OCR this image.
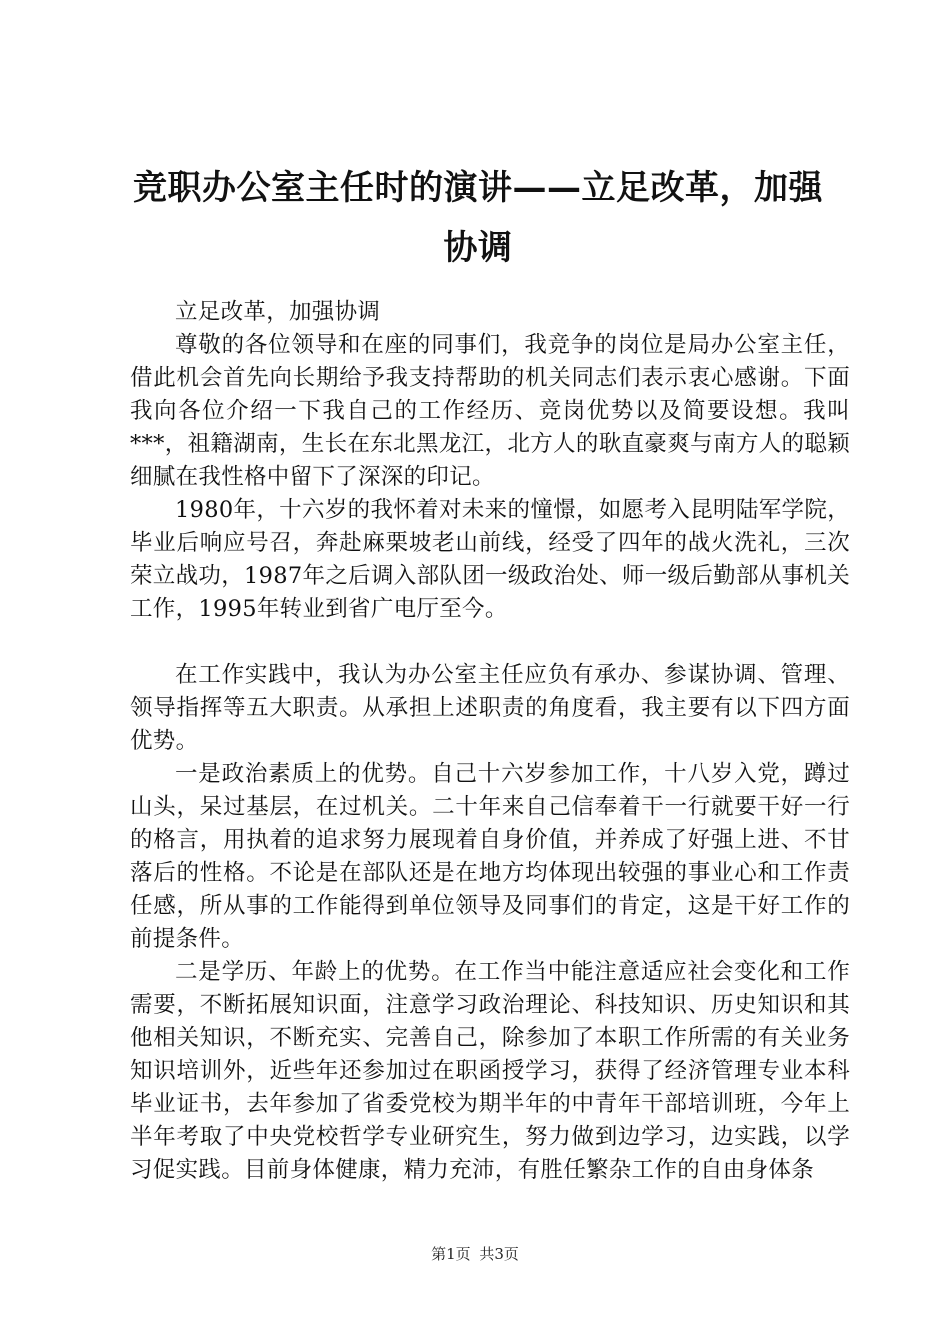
竞职办公室主任时的演讲——立足改革，加强协调

立足改革，加强协调

尊敬的各位领导和在座的同事们，我竞争的岗位是局办公室主任，借此机会首先向长期给予我支持帮助的机关同志们表示衷心感谢。下面我向各位介绍一下我自己的工作经历、竞岗优势以及简要设想。我叫***，祖籍湖南，生长在东北黑龙江，北方人的耿直豪爽与南方人的聪颖细腻在我性格中留下了深深的印记。

1980年，十六岁的我怀着对未来的憧憬，如愿考入昆明陆军学院，毕业后响应号召，奔赴麻栗坡老山前线，经受了四年的战火洗礼，三次荣立战功，1987年之后调入部队团一级政治处、师一级后勤部从事机关工作，1995年转业到省广电厅至今。

在工作实践中，我认为办公室主任应负有承办、参谋协调、管理、领导指挥等五大职责。从承担上述职责的角度看，我主要有以下四方面优势。

一是政治素质上的优势。自己十六岁参加工作，十八岁入党，蹲过山头，呆过基层，在过机关。二十年来自己信奉着干一行就要干好一行的格言，用执着的追求努力展现着自身价值，并养成了好强上进、不甘落后的性格。不论是在部队还是在地方均体现出较强的事业心和工作责任感，所从事的工作能得到单位领导及同事们的肯定，这是干好工作的前提条件。

二是学历、年龄上的优势。在工作当中能注意适应社会变化和工作需要，不断拓展知识面，注意学习政治理论、科技知识、历史知识和其他相关知识，不断充实、完善自己，除参加了本职工作所需的有关业务知识培训外，近些年还参加过在职函授学习，获得了经济管理专业本科毕业证书，去年参加了省委党校为期半年的中青年干部培训班，今年上半年考取了中央党校哲学专业研究生，努力做到边学习，边实践，以学习促实践。目前身体健康，精力充沛，有胜任繁杂工作的自由身体条

第1页 共3页
